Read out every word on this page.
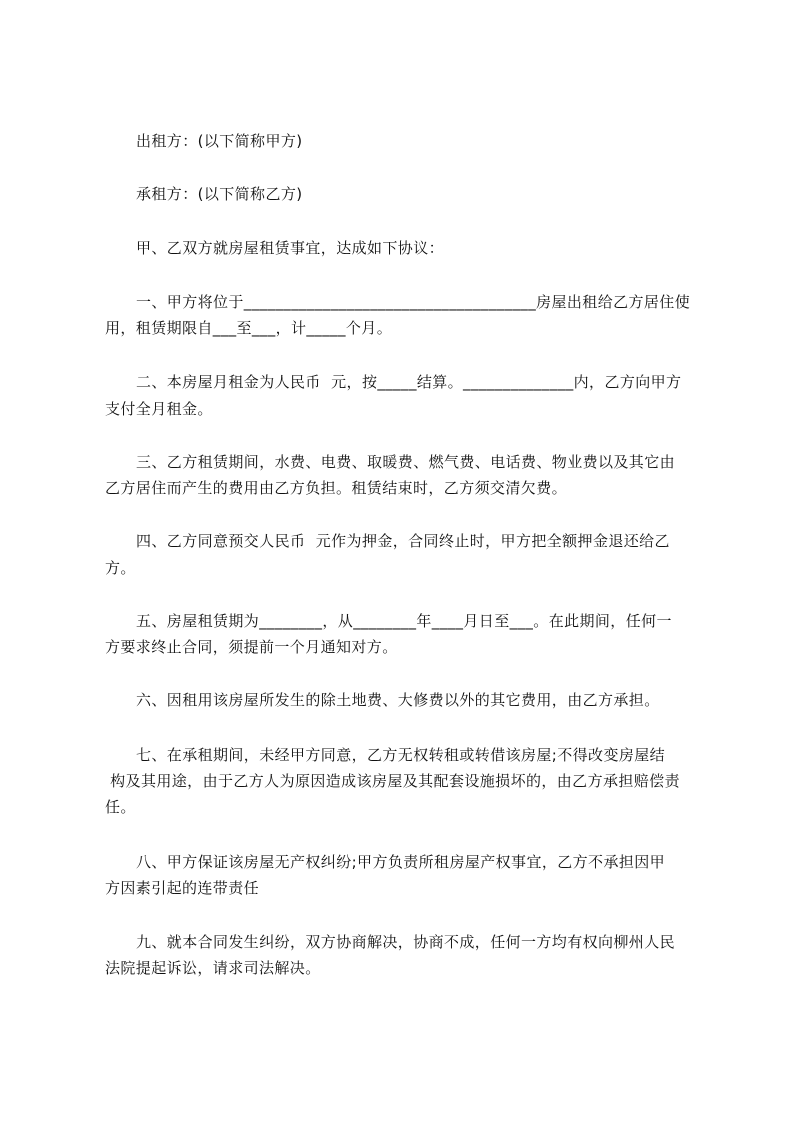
出租方：(以下简称甲方)
承租方：(以下简称乙方)
甲、乙双方就房屋租赁事宜，达成如下协议：
一、甲方将位于_____________________________________房屋出租给乙方居住使
用，租赁期限自___至___，计_____个月。
二、本房屋月租金为人民币  元，按_____结算。______________内，乙方向甲方
支付全月租金。
三、乙方租赁期间，水费、电费、取暖费、燃气费、电话费、物业费以及其它由
乙方居住而产生的费用由乙方负担。租赁结束时，乙方须交清欠费。
四、乙方同意预交人民币  元作为押金，合同终止时，甲方把全额押金退还给乙
方。
五、房屋租赁期为________，从________年____月日至___。在此期间，任何一
方要求终止合同，须提前一个月通知对方。
六、因租用该房屋所发生的除土地费、大修费以外的其它费用，由乙方承担。
七、在承租期间，未经甲方同意，乙方无权转租或转借该房屋;不得改变房屋结
构及其用途，由于乙方人为原因造成该房屋及其配套设施损坏的，由乙方承担赔偿责
任。
八、甲方保证该房屋无产权纠纷;甲方负责所租房屋产权事宜，乙方不承担因甲
方因素引起的连带责任
九、就本合同发生纠纷，双方协商解决，协商不成，任何一方均有权向柳州人民
法院提起诉讼，请求司法解决。
